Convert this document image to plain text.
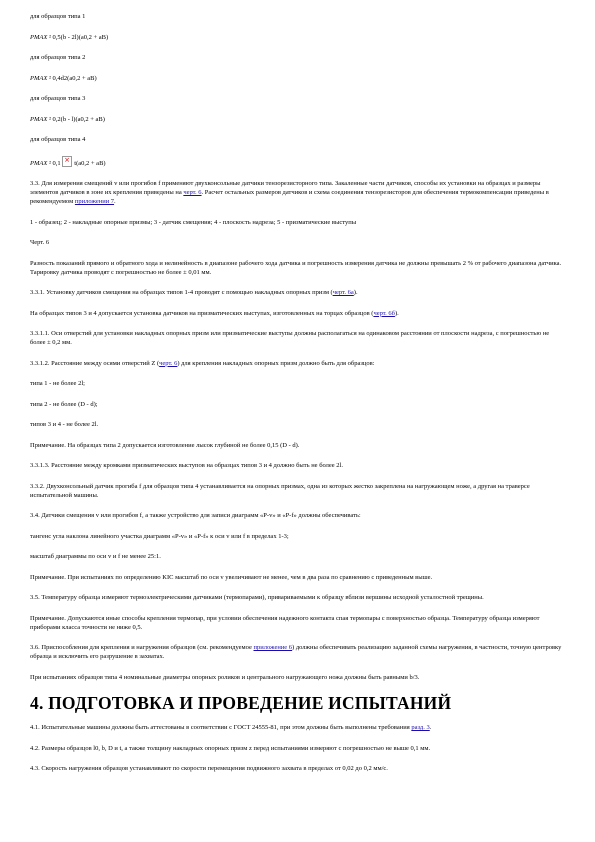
для образцов типа 1

PMAX ² 0,5(b - 2l)(a0,2 + aB)

для образцов типа 2

PMAX ² 0,4d2(a0,2 + aB)

для образцов типа 3

PMAX ² 0,2(b - l)(a0,2 + aB)

для образцов типа 4

PMAX ² 0,1× t(a0,2 + aB)

3.3. Для измерения смещений v или прогибов f применяют двухконсольные датчики тензорезисторного типа. Закаленные части датчиков, способы их установки на образцах и размеры элементов датчиков в зоне их крепления приведены на черт. 6. Расчет остальных размеров датчиков и схема соединения тензорезисторов для обеспечения термокомпенсации приведены в рекомендуемом приложении 7.

1 - образец; 2 - накладные опорные призмы; 3 - датчик смещения; 4 - плоскость надреза; 5 - призматические выступы

Черт. 6

Разность показаний прямого и обратного хода и нелинейность в диапазоне рабочего хода датчика и погрешность измерения датчика не должны превышать 2 % от рабочего диапазона датчика. Тарировку датчика проводят с погрешностью не более ± 0,01 мм.

3.3.1. Установку датчиков смещения на образцах типов 1-4 проводят с помощью накладных опорных призм (черт. 6а).

На образцах типов 3 и 4 допускается установка датчиков на призматических выступах, изготовленных на торцах образцов (черт. 6б).

3.3.1.1. Оси отверстий для установки накладных опорных призм или призматические выступы должны располагаться на одинаковом расстоянии от плоскости надреза, с погрешностью не более ± 0,2 мм.

3.3.1.2. Расстояние между осями отверстий Z (черт. 6) для крепления накладных опорных призм должно быть для образцов:

типа 1 - не более 2l;

типа 2 - не более (D - d);

типов 3 и 4 - не более 2l.

Примечание. На образцах типа 2 допускается изготовление лысок глубиной не более 0,15 (D - d).

3.3.1.3. Расстояние между кромками призматических выступов на образцах типов 3 и 4 должно быть не более 2l.

3.3.2. Двухконсольный датчик прогиба f для образцов типа 4 устанавливается на опорных призмах, одна из которых жестко закреплена на нагружающем ноже, а другая на траверсе испытательной машины.

3.4. Датчики смещения v или прогибов f, а также устройство для записи диаграмм «P-v» и «P-f» должны обеспечивать:

тангенс угла наклона линейного участка диаграмм «P-v» и «P-f» к оси v или f в пределах 1-3;

масштаб диаграммы по оси v и f не менее 25:1.

Примечание. При испытаниях по определению KIC масштаб по оси v увеличивают не менее, чем в два раза по сравнению с приведенным выше.

3.5. Температуру образца измеряют термоэлектрическими датчиками (термопарами), привариваемыми к образцу вблизи вершины исходной усталостной трещины.

Примечание. Допускаются иные способы крепления термопар, при условии обеспечения надежного контакта спая термопары с поверхностью образца. Температуру образца измеряют приборами класса точности не ниже 0,5.

3.6. Приспособления для крепления и нагружения образцов (см. рекомендуемое приложение 6) должны обеспечивать реализацию заданной схемы нагружения, в частности, точную центровку образца и исключить его разрушение в захватах.

При испытаниях образцов типа 4 номинальные диаметры опорных роликов и центрального нагружающего ножа должны быть равными b/3.

4. ПОДГОТОВКА И ПРОВЕДЕНИЕ ИСПЫТАНИЙ

4.1. Испытательные машины должны быть аттестованы в соответствии с ГОСТ 24555-81, при этом должны быть выполнены требования разд. 3.

4.2. Размеры образцов l0, b, D и t, а также толщину накладных опорных призм z перед испытаниями измеряют с погрешностью не выше 0,1 мм.

4.3. Скорость нагружения образцов устанавливают по скорости перемещения подвижного захвата в пределах от 0,02 до 0,2 мм/с.
